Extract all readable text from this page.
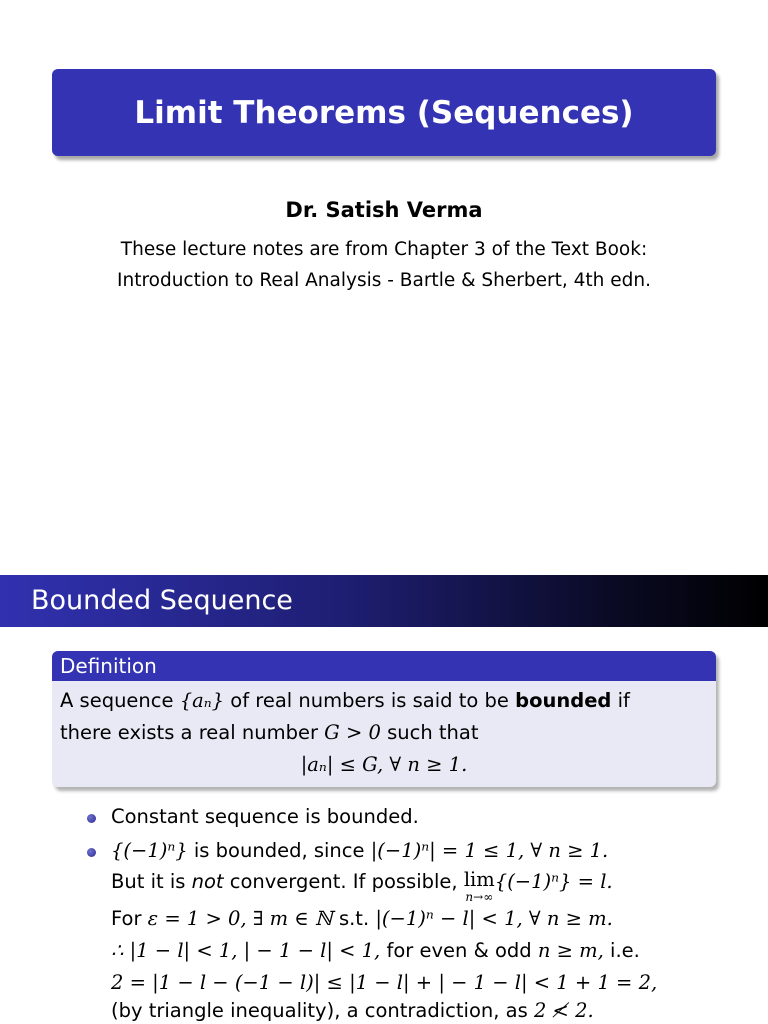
Limit Theorems (Sequences)
Dr. Satish Verma
These lecture notes are from Chapter 3 of the Text Book:
Introduction to Real Analysis - Bartle & Sherbert, 4th edn.
Bounded Sequence
Definition
A sequence {aₙ} of real numbers is said to be bounded if
there exists a real number G > 0 such that
|aₙ| ≤ G, ∀ n ≥ 1.
Constant sequence is bounded.
{(−1)ⁿ} is bounded, since |(−1)ⁿ| = 1 ≤ 1, ∀ n ≥ 1.
But it is not convergent. If possible, lim
n→∞
{(−1)ⁿ} = l.
For ε = 1 > 0, ∃ m ∈ ℕ s.t. |(−1)ⁿ − l| < 1, ∀ n ≥ m.
∴ |1 − l| < 1, | − 1 − l| < 1, for even & odd n ≥ m, i.e.
2 = |1 − l − (−1 − l)| ≤ |1 − l| + | − 1 − l| < 1 + 1 = 2,
(by triangle inequality), a contradiction, as 2 ≮ 2.
